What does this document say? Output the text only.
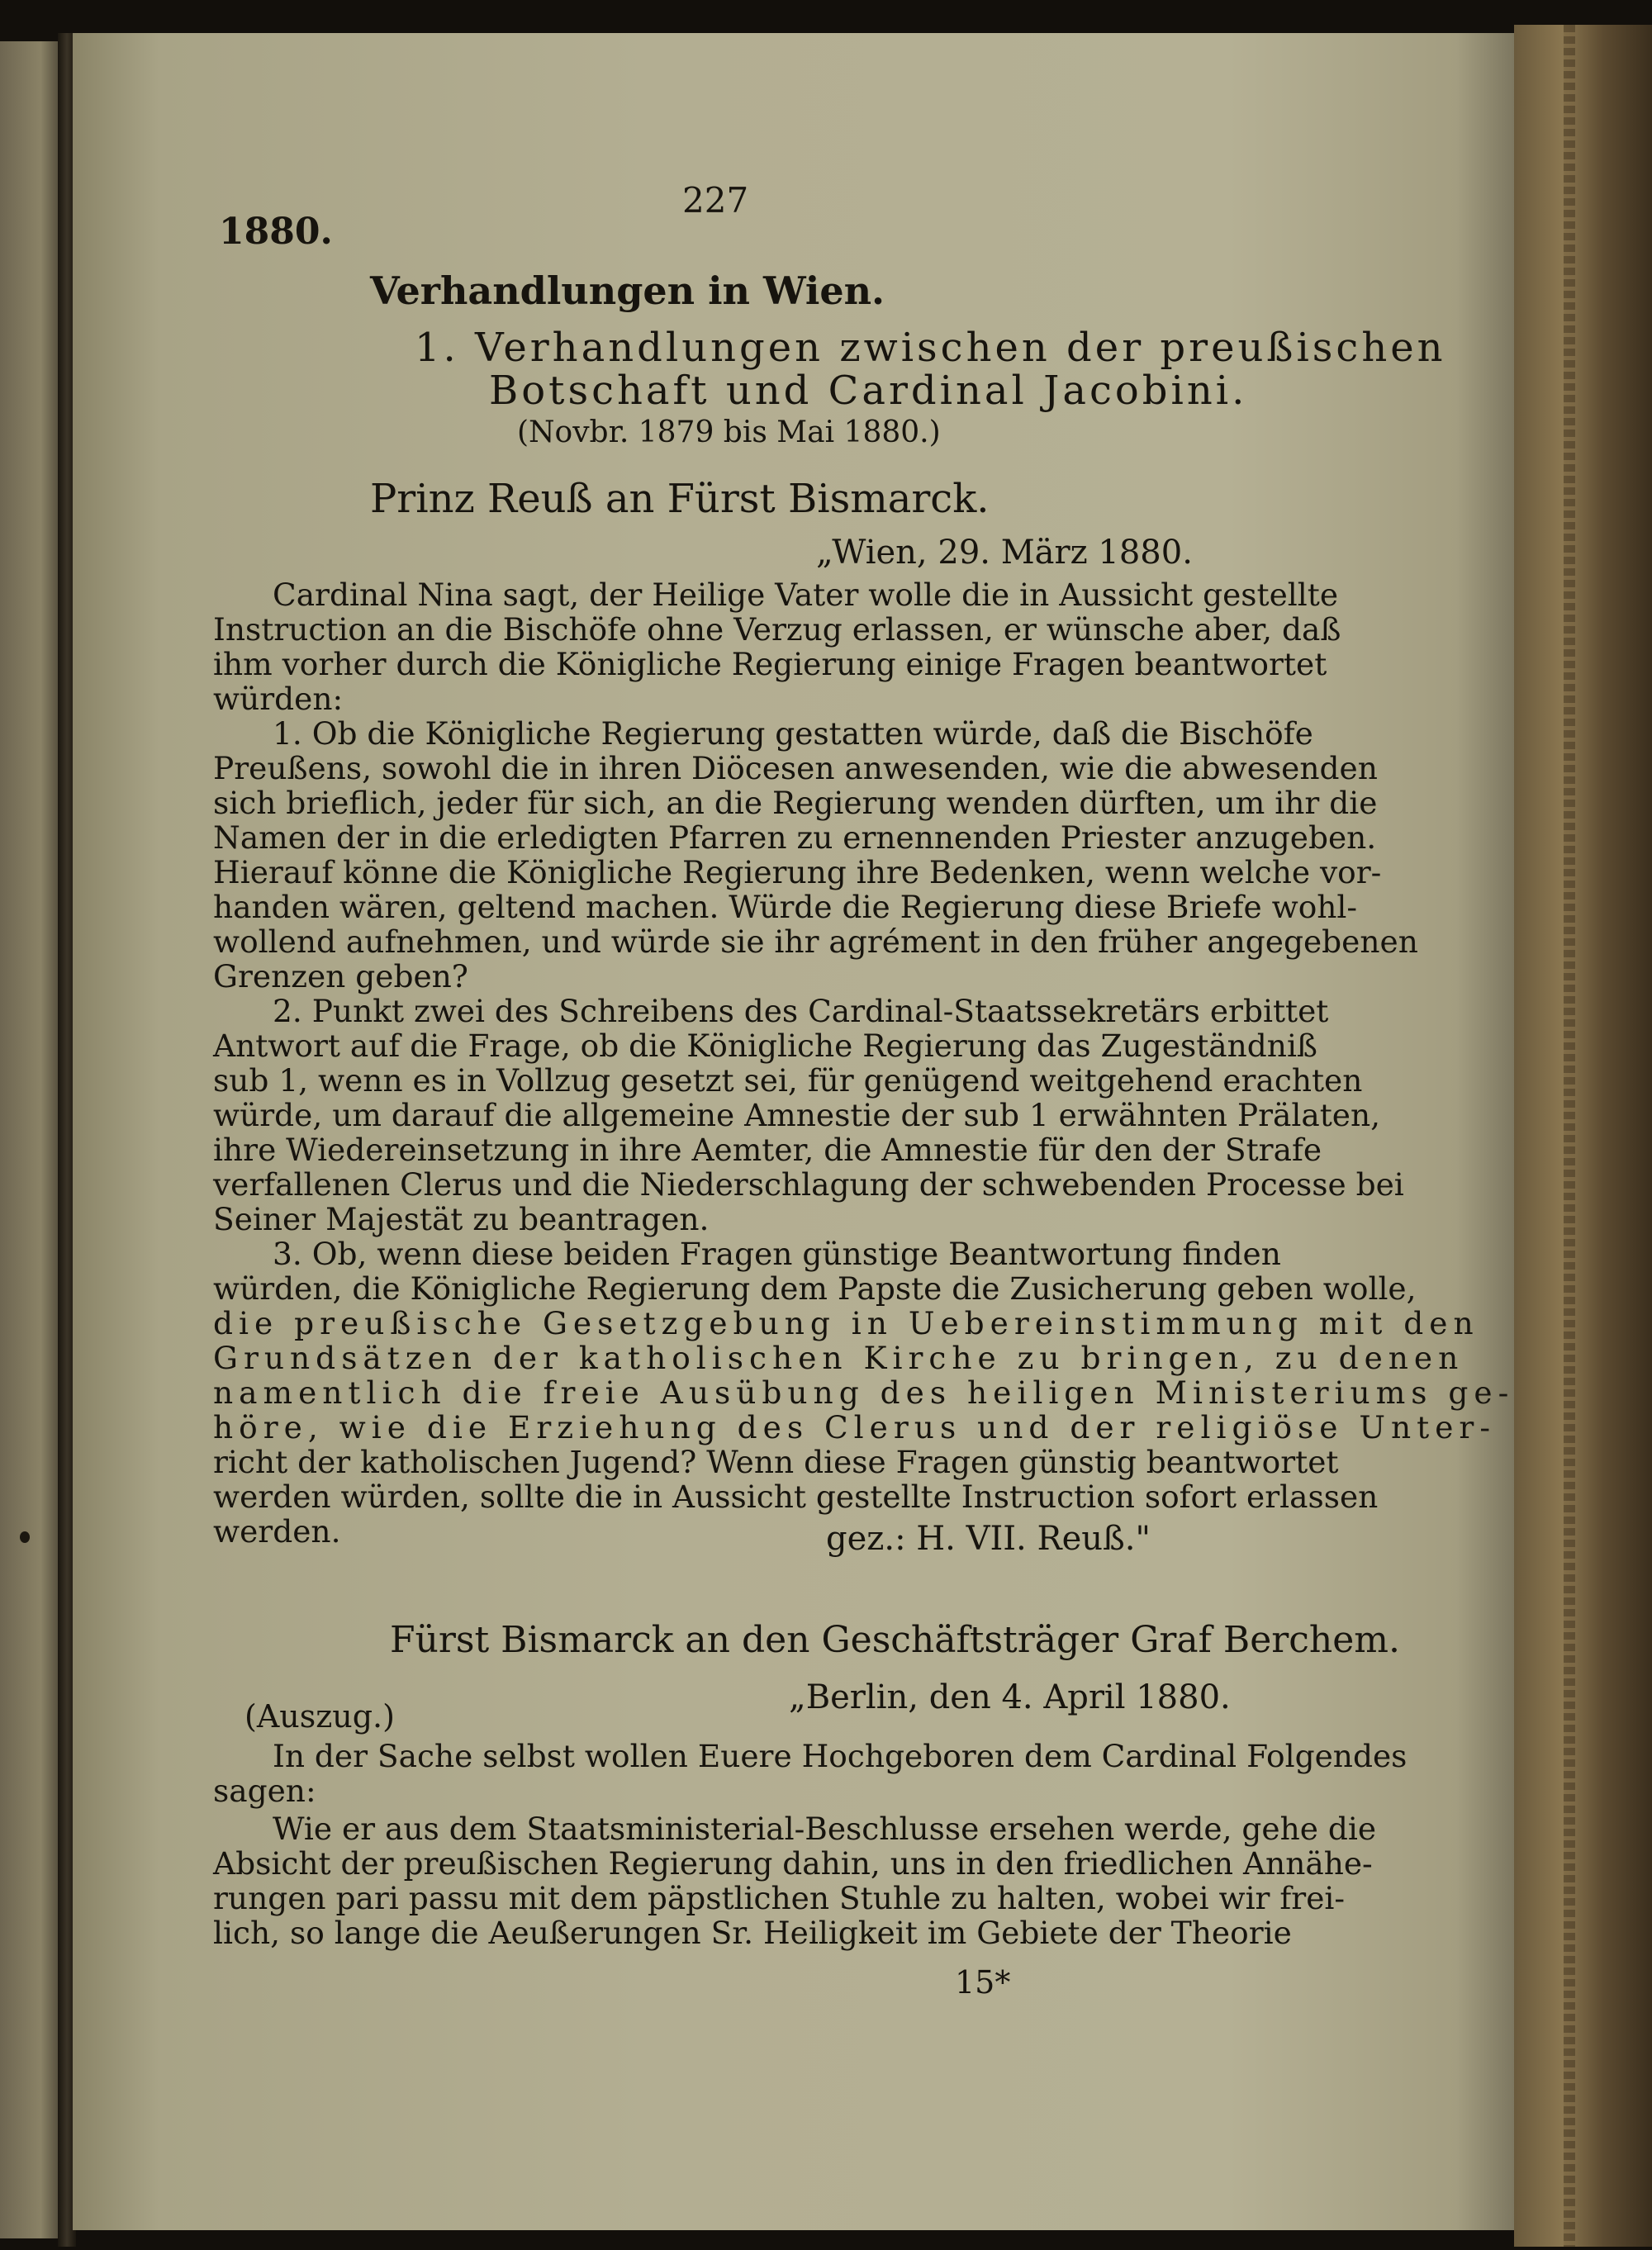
1880.
227
Verhandlungen in Wien.
1. Verhandlungen zwischen der preußischen
Botschaft und Cardinal Jacobini.
(Novbr. 1879 bis Mai 1880.)
Prinz Reuß an Fürst Bismarck.
„Wien, 29. März 1880.
Cardinal Nina sagt, der Heilige Vater wolle die in Aussicht gestellte
Instruction an die Bischöfe ohne Verzug erlassen, er wünsche aber, daß
ihm vorher durch die Königliche Regierung einige Fragen beantwortet
würden:
1. Ob die Königliche Regierung gestatten würde, daß die Bischöfe
Preußens, sowohl die in ihren Diöcesen anwesenden, wie die abwesenden
sich brieflich, jeder für sich, an die Regierung wenden dürften, um ihr die
Namen der in die erledigten Pfarren zu ernennenden Priester anzugeben.
Hierauf könne die Königliche Regierung ihre Bedenken, wenn welche vor-
handen wären, geltend machen. Würde die Regierung diese Briefe wohl-
wollend aufnehmen, und würde sie ihr agrément in den früher angegebenen
Grenzen geben?
2. Punkt zwei des Schreibens des Cardinal-Staatssekretärs erbittet
Antwort auf die Frage, ob die Königliche Regierung das Zugeständniß
sub 1, wenn es in Vollzug gesetzt sei, für genügend weitgehend erachten
würde, um darauf die allgemeine Amnestie der sub 1 erwähnten Prälaten,
ihre Wiedereinsetzung in ihre Aemter, die Amnestie für den der Strafe
verfallenen Clerus und die Niederschlagung der schwebenden Processe bei
Seiner Majestät zu beantragen.
3. Ob, wenn diese beiden Fragen günstige Beantwortung finden
würden, die Königliche Regierung dem Papste die Zusicherung geben wolle,
die preußische Gesetzgebung in Uebereinstimmung mit den
Grundsätzen der katholischen Kirche zu bringen, zu denen
namentlich die freie Ausübung des heiligen Ministeriums ge-
höre, wie die Erziehung des Clerus und der religiöse Unter-
richt der katholischen Jugend? Wenn diese Fragen günstig beantwortet
werden würden, sollte die in Aussicht gestellte Instruction sofort erlassen
werden.	gez.: H. VII. Reuß."
Fürst Bismarck an den Geschäftsträger Graf Berchem.
„Berlin, den 4. April 1880.
(Auszug.)
In der Sache selbst wollen Euere Hochgeboren dem Cardinal Folgendes
sagen:
Wie er aus dem Staatsministerial-Beschlusse ersehen werde, gehe die
Absicht der preußischen Regierung dahin, uns in den friedlichen Annähe-
rungen pari passu mit dem päpstlichen Stuhle zu halten, wobei wir frei-
lich, so lange die Aeußerungen Sr. Heiligkeit im Gebiete der Theorie
15*
